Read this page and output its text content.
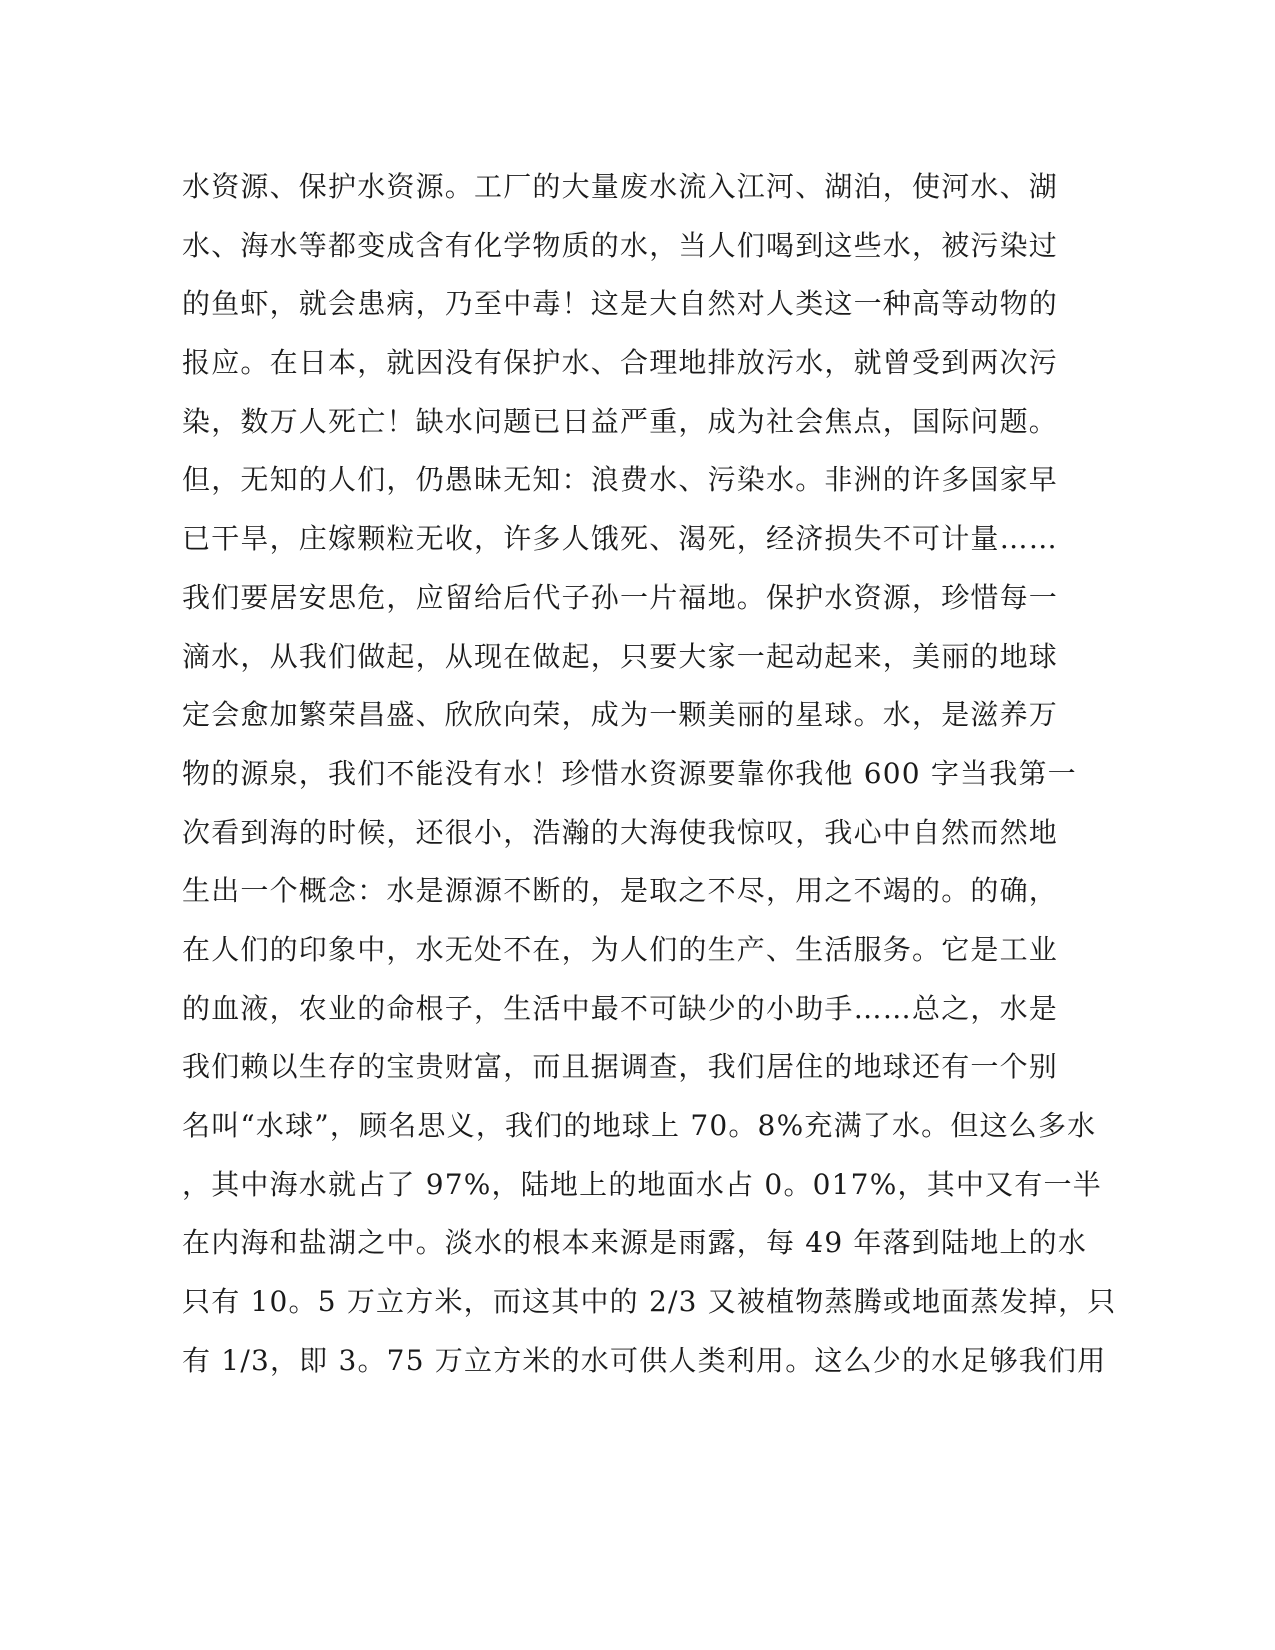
水资源、保护水资源。工厂的大量废水流入江河、湖泊，使河水、湖
水、海水等都变成含有化学物质的水，当人们喝到这些水，被污染过
的鱼虾，就会患病，乃至中毒！这是大自然对人类这一种高等动物的
报应。在日本，就因没有保护水、合理地排放污水，就曾受到两次污
染，数万人死亡！缺水问题已日益严重，成为社会焦点，国际问题。
但，无知的人们，仍愚昧无知：浪费水、污染水。非洲的许多国家早
已干旱，庄嫁颗粒无收，许多人饿死、渴死，经济损失不可计量……
我们要居安思危，应留给后代子孙一片福地。保护水资源，珍惜每一
滴水，从我们做起，从现在做起，只要大家一起动起来，美丽的地球
定会愈加繁荣昌盛、欣欣向荣，成为一颗美丽的星球。水，是滋养万
物的源泉，我们不能没有水！珍惜水资源要靠你我他 600 字当我第一
次看到海的时候，还很小，浩瀚的大海使我惊叹，我心中自然而然地
生出一个概念：水是源源不断的，是取之不尽，用之不竭的。的确，
在人们的印象中，水无处不在，为人们的生产、生活服务。它是工业
的血液，农业的命根子，生活中最不可缺少的小助手……总之，水是
我们赖以生存的宝贵财富，而且据调查，我们居住的地球还有一个别
名叫“水球”，顾名思义，我们的地球上 70。8%充满了水。但这么多水
，其中海水就占了 97%，陆地上的地面水占 0。017%，其中又有一半
在内海和盐湖之中。淡水的根本来源是雨露，每 49 年落到陆地上的水
只有 10。5 万立方米，而这其中的 2/3 又被植物蒸腾或地面蒸发掉，只
有 1/3，即 3。75 万立方米的水可供人类利用。这么少的水足够我们用
